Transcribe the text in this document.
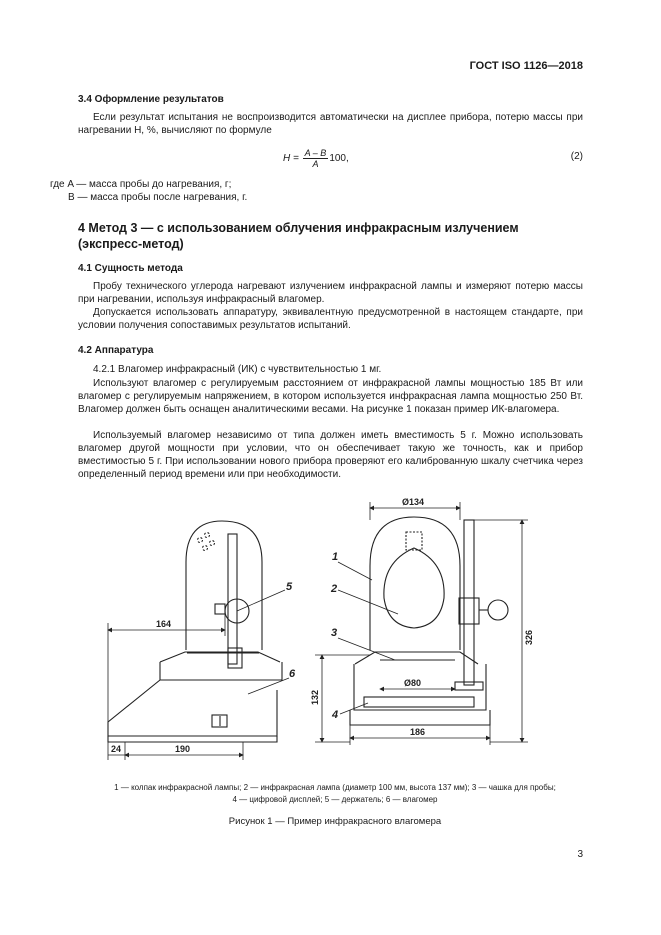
ГОСТ ISO 1126—2018
3.4 Оформление результатов
Если результат испытания не воспроизводится автоматически на дисплее прибора, потерю массы при нагревании H, %, вычисляют по формуле
$H = \frac{A - B}{A} 100$,	(2)
где A — масса пробы до нагревания, г;
B — масса пробы после нагревания, г.
4 Метод 3 — с использованием облучения инфракрасным излучением
(экспресс-метод)
4.1 Сущность метода
Пробу технического углерода нагревают излучением инфракрасной лампы и измеряют потерю массы при нагревании, используя инфракрасный влагомер.
Допускается использовать аппаратуру, эквивалентную предусмотренной в настоящем стандарте, при условии получения сопоставимых результатов испытаний.
4.2 Аппаратура
4.2.1 Влагомер инфракрасный (ИК) с чувствительностью 1 мг.
Используют влагомер с регулируемым расстоянием от инфракрасной лампы мощностью 185 Вт или влагомер с регулируемым напряжением, в котором используется инфракрасная лампа мощностью 250 Вт. Влагомер должен быть оснащен аналитическими весами. На рисунке 1 показан пример ИК-влагомера.
Используемый влагомер независимо от типа должен иметь вместимость 5 г. Можно использовать влагомер другой мощности при условии, что он обеспечивает такую же точность, как и прибор вместимостью 5 г. При использовании нового прибора проверяют его калиброванную шкалу счетчика через определенный период времени или при необходимости.
164
24	190
Ø134
Ø80
132
326
186
1
2
3
4
5
6
1 — колпак инфракрасной лампы; 2 — инфракрасная лампа (диаметр 100 мм, высота 137 мм); 3 — чашка для пробы;
4 — цифровой дисплей; 5 — держатель; 6 — влагомер
Рисунок 1 — Пример инфракрасного влагомера
3
